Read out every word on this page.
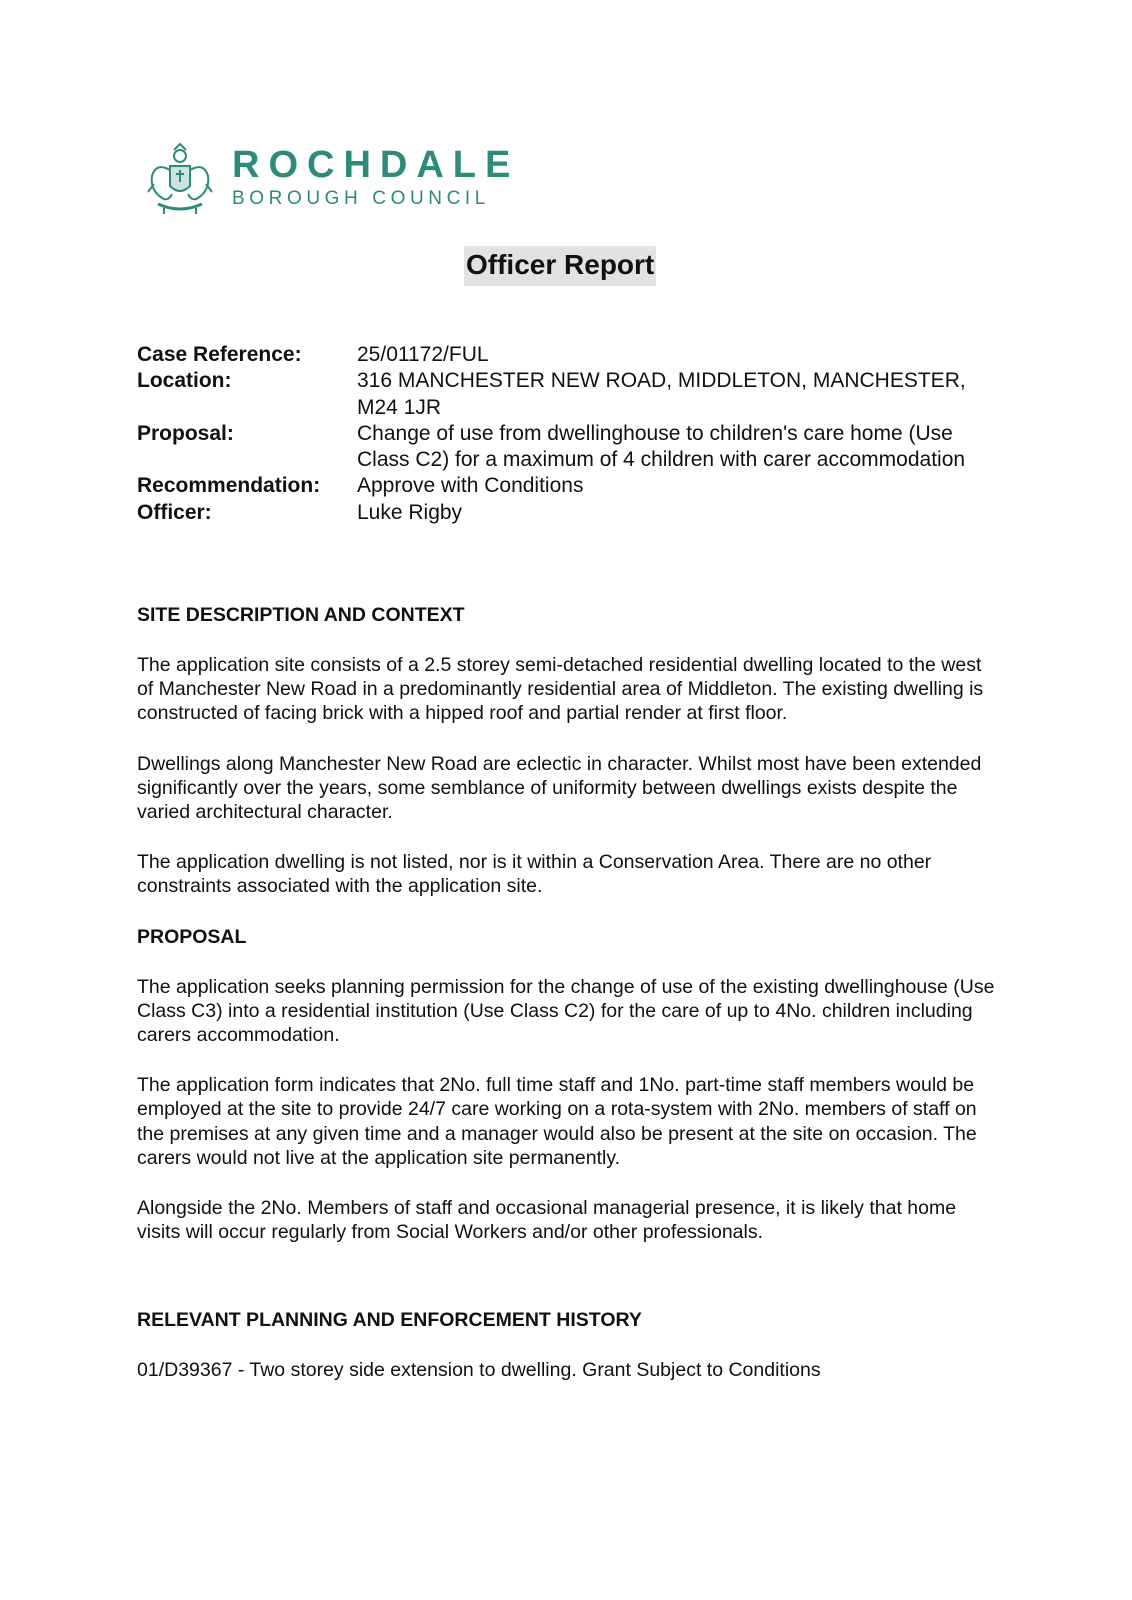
ROCHDALE
BOROUGH COUNCIL
Officer Report
Case Reference:	25/01172/FUL
Location:	316 MANCHESTER NEW ROAD, MIDDLETON, MANCHESTER, M24 1JR
Proposal:	Change of use from dwellinghouse to children's care home (Use Class C2) for a maximum of 4 children with carer accommodation
Recommendation:	Approve with Conditions
Officer:	Luke Rigby
SITE DESCRIPTION AND CONTEXT

The application site consists of a 2.5 storey semi-detached residential dwelling located to the west of Manchester New Road in a predominantly residential area of Middleton. The existing dwelling is constructed of facing brick with a hipped roof and partial render at first floor.

Dwellings along Manchester New Road are eclectic in character. Whilst most have been extended significantly over the years, some semblance of uniformity between dwellings exists despite the varied architectural character.

The application dwelling is not listed, nor is it within a Conservation Area. There are no other constraints associated with the application site.

PROPOSAL

The application seeks planning permission for the change of use of the existing dwellinghouse (Use Class C3) into a residential institution (Use Class C2) for the care of up to 4No. children including carers accommodation.

The application form indicates that 2No. full time staff and 1No. part-time staff members would be employed at the site to provide 24/7 care working on a rota-system with 2No. members of staff on the premises at any given time and a manager would also be present at the site on occasion. The carers would not live at the application site permanently.

Alongside the 2No. Members of staff and occasional managerial presence, it is likely that home visits will occur regularly from Social Workers and/or other professionals.

RELEVANT PLANNING AND ENFORCEMENT HISTORY

01/D39367 - Two storey side extension to dwelling. Grant Subject to Conditions
